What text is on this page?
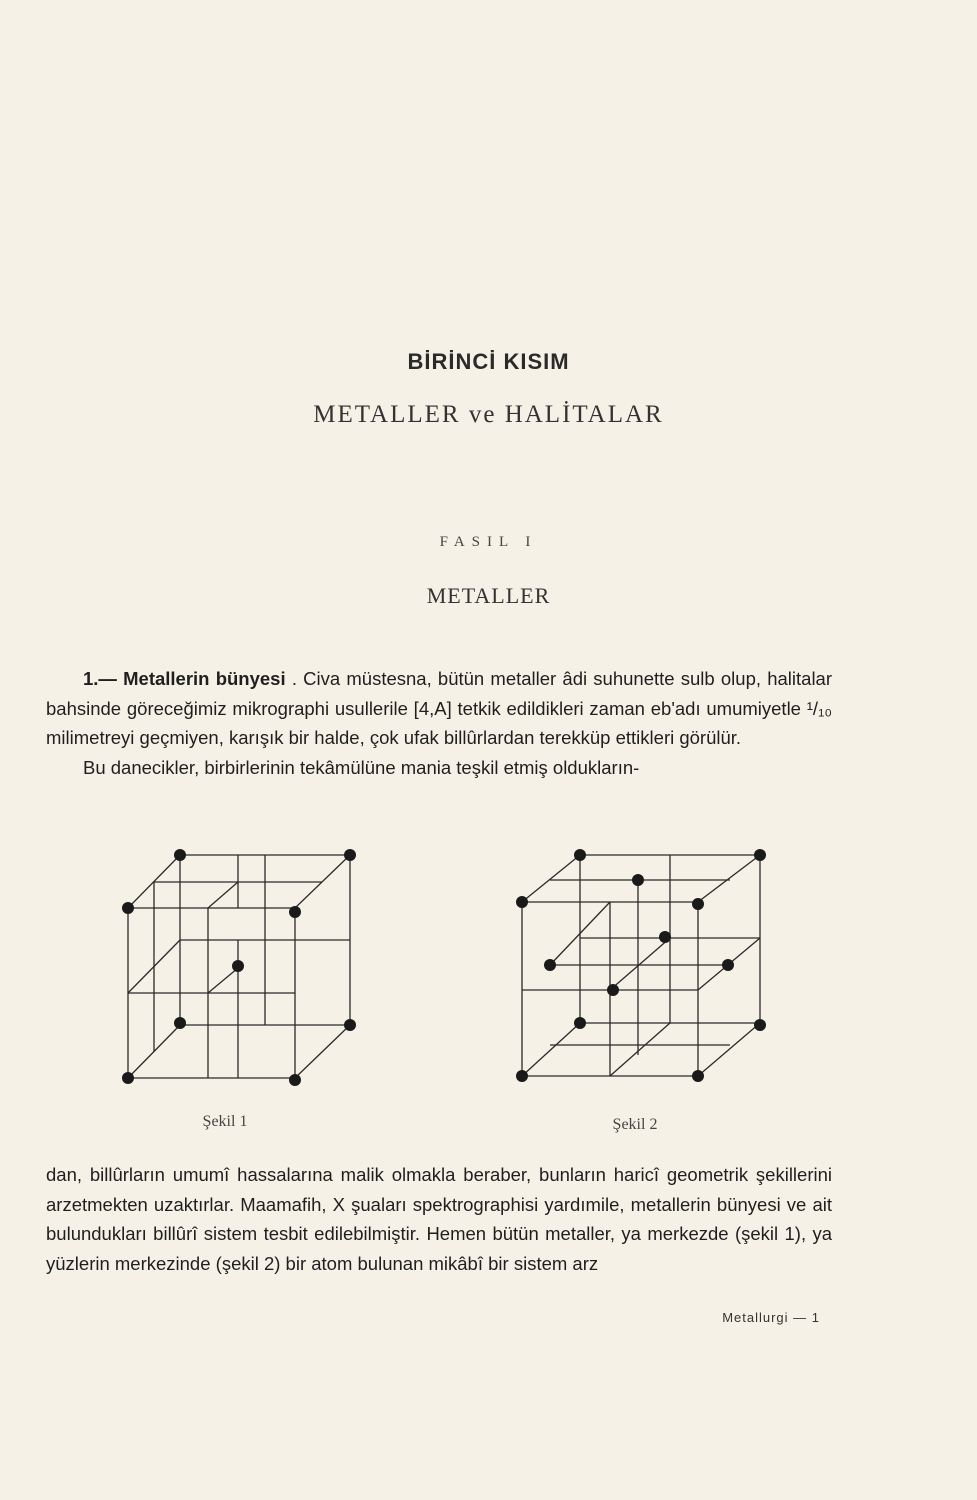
BİRİNCİ KISIM
METALLER ve HALİTALAR
FASIL I
METALLER

1.— Metallerin bünyesi . Civa müstesna, bütün metaller âdi suhunette sulb olup, halitalar bahsinde göreceğimiz mikrographi usullerile [4,A] tetkik edildikleri zaman eb'adı umumiyetle ¹/₁₀ milimetreyi geçmiyen, karışık bir halde, çok ufak billûrlardan terekküp ettikleri görülür.

Bu danecikler, birbirlerinin tekâmülüne mania teşkil etmiş oldukların-

Şekil 1	Şekil 2

dan, billûrların umumî hassalarına malik olmakla beraber, bunların haricî geometrik şekillerini arzetmekten uzaktırlar. Maamafih, X şuaları spektrographisi yardımile, metallerin bünyesi ve ait bulundukları billûrî sistem tesbit edilebilmiştir. Hemen bütün metaller, ya merkezde (şekil 1), ya yüzlerin merkezinde (şekil 2) bir atom bulunan mikâbî bir sistem arz

Metallurgi — 1
